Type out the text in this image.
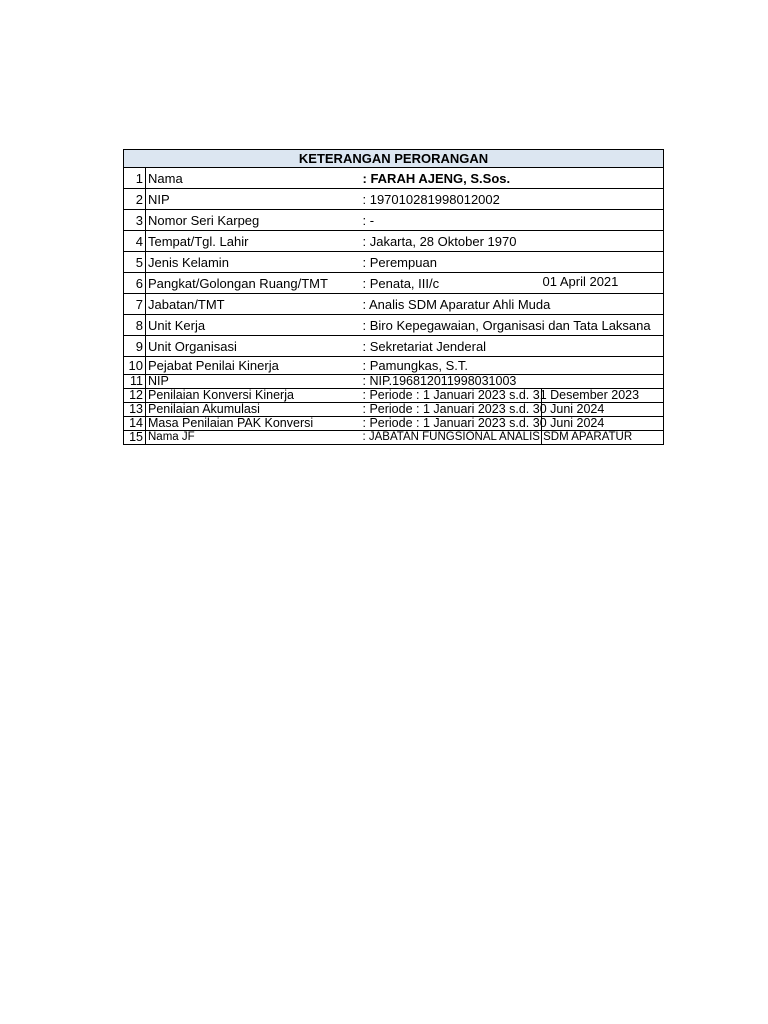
KETERANGAN PERORANGAN		
1	Nama	: FARAH AJENG, S.Sos.
2	NIP	: 197010281998012002
3	Nomor Seri Karpeg	: -
4	Tempat/Tgl. Lahir	: Jakarta, 28 Oktober 1970
5	Jenis Kelamin	: Perempuan
6	Pangkat/Golongan Ruang/TMT	: Penata, III/c 01 April 2021

7	Jabatan/TMT	: Analis SDM Aparatur Ahli Muda
8	Unit Kerja	: Biro Kepegawaian, Organisasi dan Tata Laksana
9	Unit Organisasi	: Sekretariat Jenderal
10	Pejabat Penilai Kinerja	: Pamungkas, S.T.
11	NIP	: NIP.196812011998031003
12	Penilaian Konversi Kinerja	: Periode : 1 Januari 2023 s.d. 31 Desember 2023

13	Penilaian Akumulasi	: Periode : 1 Januari 2023 s.d. 30 Juni 2024

14	Masa Penilaian PAK Konversi	: Periode : 1 Januari 2023 s.d. 30 Juni 2024

15	Nama JF	: JABATAN FUNGSIONAL ANALIS SDM APARATUR
